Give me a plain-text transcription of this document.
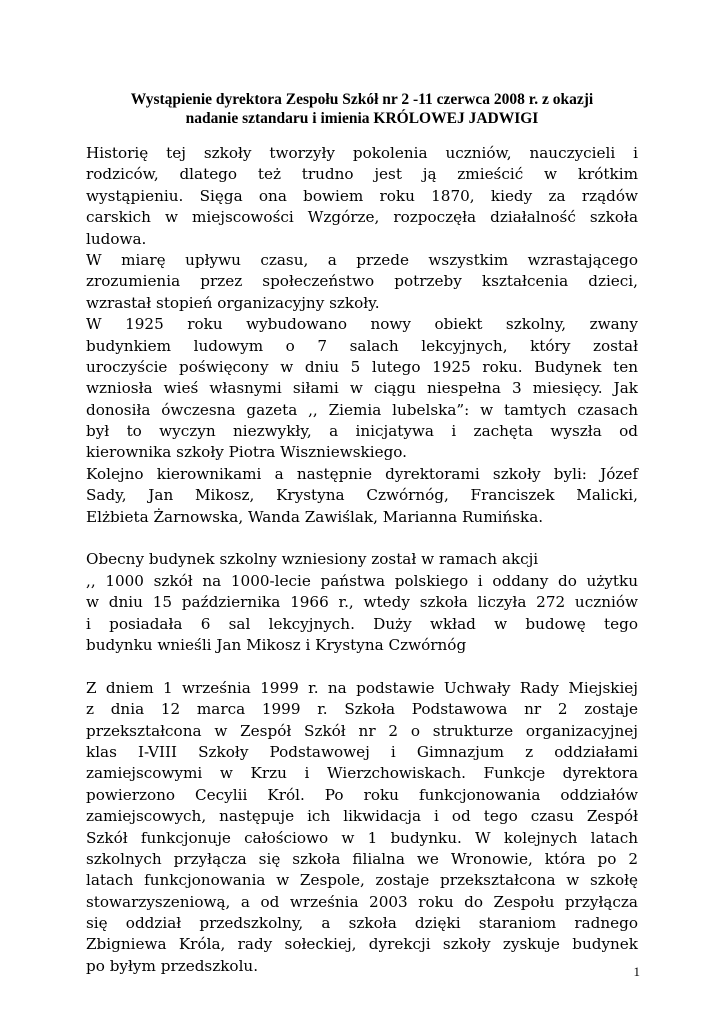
Wystąpienie dyrektora Zespołu Szkół nr 2 -11 czerwca 2008 r. z okazji
nadanie sztandaru i imienia KRÓLOWEJ JADWIGI
Historię tej szkoły tworzyły pokolenia uczniów, nauczycieli i
rodziców, dlatego też trudno jest ją zmieścić w krótkim
wystąpieniu. Sięga ona bowiem roku 1870, kiedy za rządów
carskich w miejscowości Wzgórze, rozpoczęła działalność szkoła
ludowa.
W miarę upływu czasu, a przede wszystkim wzrastającego
zrozumienia przez społeczeństwo potrzeby kształcenia dzieci,
wzrastał stopień organizacyjny szkoły.
W 1925 roku wybudowano nowy obiekt szkolny, zwany
budynkiem ludowym o 7 salach lekcyjnych, który został
uroczyście poświęcony w dniu 5 lutego 1925 roku. Budynek ten
wzniosła wieś własnymi siłami w ciągu niespełna 3 miesięcy. Jak
donosiła ówczesna gazeta ,, Ziemia lubelska”: w tamtych czasach
był to wyczyn niezwykły, a inicjatywa i zachęta wyszła od
kierownika szkoły Piotra Wiszniewskiego.
Kolejno kierownikami a następnie dyrektorami szkoły byli: Józef
Sady, Jan Mikosz, Krystyna Czwórnóg, Franciszek Malicki,
Elżbieta Żarnowska, Wanda Zawiślak, Marianna Rumińska.
Obecny budynek szkolny wzniesiony został w ramach akcji
,, 1000 szkół na 1000-lecie państwa polskiego i oddany do użytku
w dniu 15 października 1966 r., wtedy szkoła liczyła 272 uczniów
i posiadała 6 sal lekcyjnych. Duży wkład w budowę tego
budynku wnieśli Jan Mikosz i Krystyna Czwórnóg
Z dniem 1 września 1999 r. na podstawie Uchwały Rady Miejskiej
z dnia 12 marca 1999 r. Szkoła Podstawowa nr 2 zostaje
przekształcona w Zespół Szkół nr 2 o strukturze organizacyjnej
klas I-VIII Szkoły Podstawowej i Gimnazjum z oddziałami
zamiejscowymi w Krzu i Wierzchowiskach. Funkcje dyrektora
powierzono Cecylii Król. Po roku funkcjonowania oddziałów
zamiejscowych, następuje ich likwidacja i od tego czasu Zespół
Szkół funkcjonuje całościowo w 1 budynku. W kolejnych latach
szkolnych przyłącza się szkoła filialna we Wronowie, która po 2
latach funkcjonowania w Zespole, zostaje przekształcona w szkołę
stowarzyszeniową, a od września 2003 roku do Zespołu przyłącza
się oddział przedszkolny, a szkoła dzięki staraniom radnego
Zbigniewa Króla, rady sołeckiej, dyrekcji szkoły zyskuje budynek
po byłym przedszkolu.	1
